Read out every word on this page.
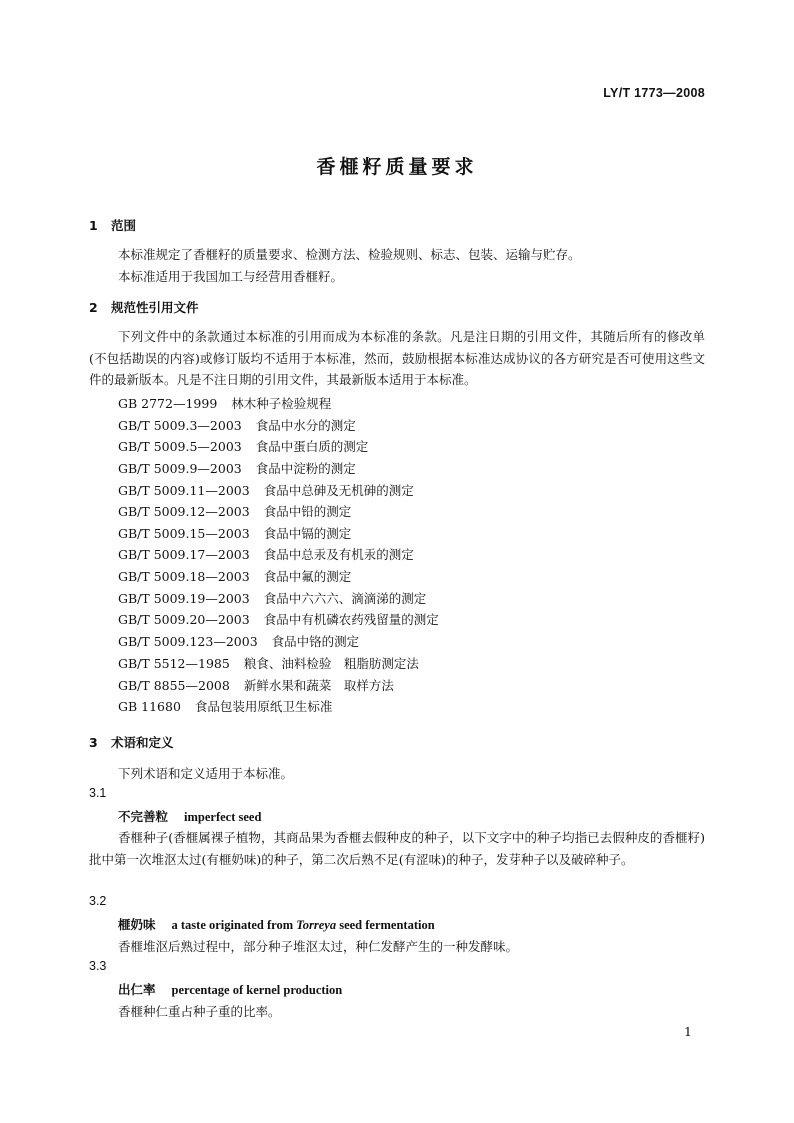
LY/T 1773—2008
香榧籽质量要求
1 范围
本标准规定了香榧籽的质量要求、检测方法、检验规则、标志、包装、运输与贮存。
本标准适用于我国加工与经营用香榧籽。
2 规范性引用文件

下列文件中的条款通过本标准的引用而成为本标准的条款。凡是注日期的引用文件，其随后所有的修改单(不包括勘误的内容)或修订版均不适用于本标准，然而，鼓励根据本标准达成协议的各方研究是否可使用这些文件的最新版本。凡是不注日期的引用文件，其最新版本适用于本标准。

GB 2772—1999 林木种子检验规程
GB/T 5009.3—2003 食品中水分的测定
GB/T 5009.5—2003 食品中蛋白质的测定
GB/T 5009.9—2003 食品中淀粉的测定
GB/T 5009.11—2003 食品中总砷及无机砷的测定
GB/T 5009.12—2003 食品中铅的测定
GB/T 5009.15—2003 食品中镉的测定
GB/T 5009.17—2003 食品中总汞及有机汞的测定
GB/T 5009.18—2003 食品中氟的测定
GB/T 5009.19—2003 食品中六六六、滴滴涕的测定
GB/T 5009.20—2003 食品中有机磷农药残留量的测定
GB/T 5009.123—2003 食品中铬的测定
GB/T 5512—1985 粮食、油料检验　粗脂肪测定法
GB/T 8855—2008 新鲜水果和蔬菜　取样方法
GB 11680 食品包装用原纸卫生标准
3 术语和定义
下列术语和定义适用于本标准。
3.1
不完善粒 imperfect seed

香榧种子(香榧属裸子植物，其商品果为香榧去假种皮的种子，以下文字中的种子均指已去假种皮的香榧籽)批中第一次堆沤太过(有榧奶味)的种子，第二次后熟不足(有涩味)的种子，发芽种子以及破碎种子。

3.2
榧奶味 a taste originated from Torreya seed fermentation
香榧堆沤后熟过程中，部分种子堆沤太过，种仁发酵产生的一种发酵味。
3.3
出仁率 percentage of kernel production
香榧种仁重占种子重的比率。
1
